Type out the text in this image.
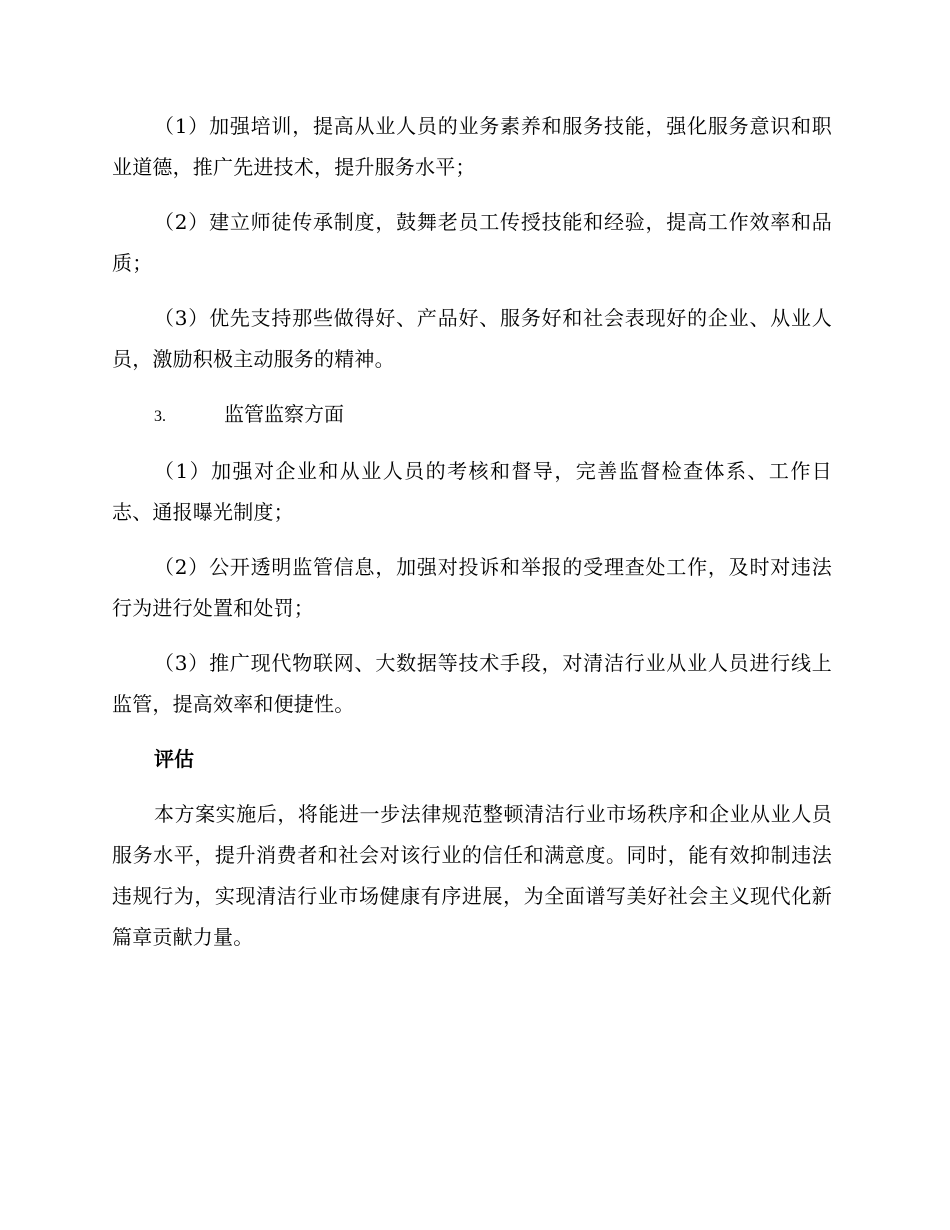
（1）加强培训，提高从业人员的业务素养和服务技能，强化服务意识和职业道德，推广先进技术，提升服务水平；

（2）建立师徒传承制度，鼓舞老员工传授技能和经验，提高工作效率和品质；

（3）优先支持那些做得好、产品好、服务好和社会表现好的企业、从业人员，激励积极主动服务的精神。

3.	监管监察方面

（1）加强对企业和从业人员的考核和督导，完善监督检查体系、工作日志、通报曝光制度；

（2）公开透明监管信息，加强对投诉和举报的受理查处工作，及时对违法行为进行处置和处罚；

（3）推广现代物联网、大数据等技术手段，对清洁行业从业人员进行线上监管，提高效率和便捷性。

评估

本方案实施后，将能进一步法律规范整顿清洁行业市场秩序和企业从业人员服务水平，提升消费者和社会对该行业的信任和满意度。同时，能有效抑制违法违规行为，实现清洁行业市场健康有序进展，为全面谱写美好社会主义现代化新篇章贡献力量。
